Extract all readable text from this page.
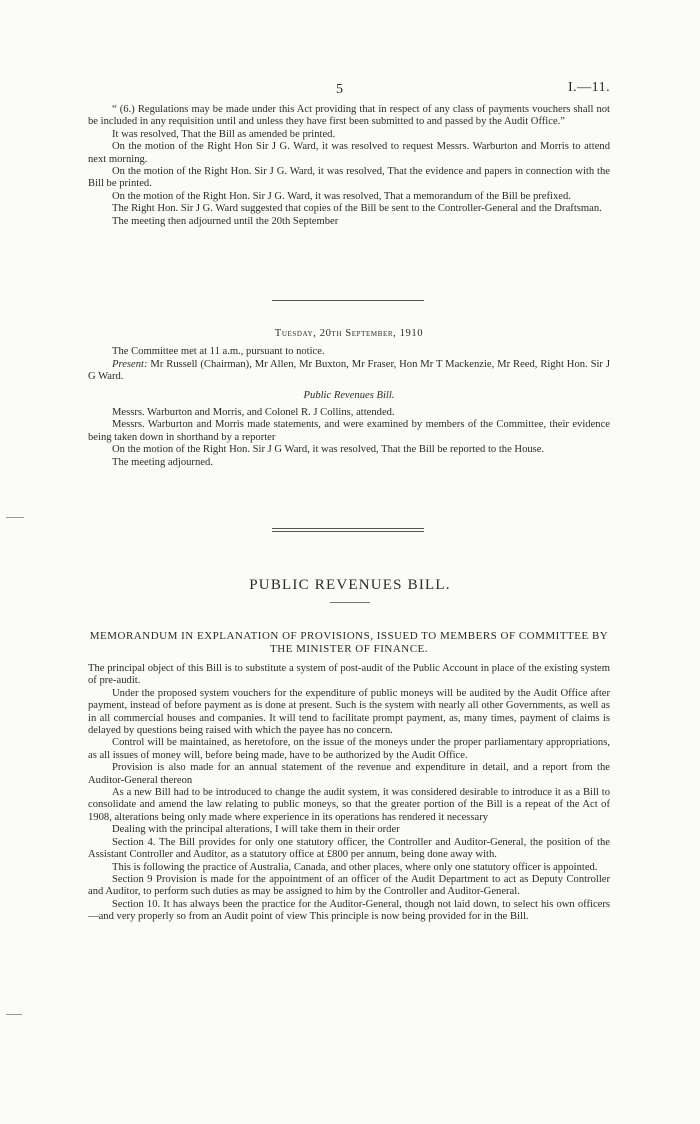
5	I.—11.

“ (6.) Regulations may be made under this Act providing that in respect of any class of payments vouchers shall not be included in any requisition until and unless they have first been submitted to and passed by the Audit Office.”

It was resolved, That the Bill as amended be printed.

On the motion of the Right Hon Sir J G. Ward, it was resolved to request Messrs. Warburton and Morris to attend next morning.

On the motion of the Right Hon. Sir J G. Ward, it was resolved, That the evidence and papers in connection with the Bill be printed.

On the motion of the Right Hon. Sir J G. Ward, it was resolved, That a memorandum of the Bill be prefixed.

The Right Hon. Sir J G. Ward suggested that copies of the Bill be sent to the Controller-General and the Draftsman.

The meeting then adjourned until the 20th September

Tuesday, 20th September, 1910

The Committee met at 11 a.m., pursuant to notice.

Present: Mr Russell (Chairman), Mr Allen, Mr Buxton, Mr Fraser, Hon Mr T Mackenzie, Mr Reed, Right Hon. Sir J G Ward.

Public Revenues Bill.

Messrs. Warburton and Morris, and Colonel R. J Collins, attended.

Messrs. Warburton and Morris made statements, and were examined by members of the Committee, their evidence being taken down in shorthand by a reporter

On the motion of the Right Hon. Sir J G Ward, it was resolved, That the Bill be reported to the House.

The meeting adjourned.

PUBLIC REVENUES BILL.
MEMORANDUM IN EXPLANATION OF PROVISIONS, ISSUED TO MEMBERS OF COMMITTEE BY THE MINISTER OF FINANCE.

The principal object of this Bill is to substitute a system of post-audit of the Public Account in place of the existing system of pre-audit.

Under the proposed system vouchers for the expenditure of public moneys will be audited by the Audit Office after payment, instead of before payment as is done at present. Such is the system with nearly all other Governments, as well as in all commercial houses and companies. It will tend to facilitate prompt payment, as, many times, payment of claims is delayed by questions being raised with which the payee has no concern.

Control will be maintained, as heretofore, on the issue of the moneys under the proper parliamentary appropriations, as all issues of money will, before being made, have to be authorized by the Audit Office.

Provision is also made for an annual statement of the revenue and expenditure in detail, and a report from the Auditor-General thereon

As a new Bill had to be introduced to change the audit system, it was considered desirable to introduce it as a Bill to consolidate and amend the law relating to public moneys, so that the greater portion of the Bill is a repeat of the Act of 1908, alterations being only made where experience in its operations has rendered it necessary

Dealing with the principal alterations, I will take them in their order

Section 4. The Bill provides for only one statutory officer, the Controller and Auditor-General, the position of the Assistant Controller and Auditor, as a statutory office at £800 per annum, being done away with.

This is following the practice of Australia, Canada, and other places, where only one statutory officer is appointed.

Section 9 Provision is made for the appointment of an officer of the Audit Department to act as Deputy Controller and Auditor, to perform such duties as may be assigned to him by the Controller and Auditor-General.

Section 10. It has always been the practice for the Auditor-General, though not laid down, to select his own officers—and very properly so from an Audit point of view This principle is now being provided for in the Bill.
